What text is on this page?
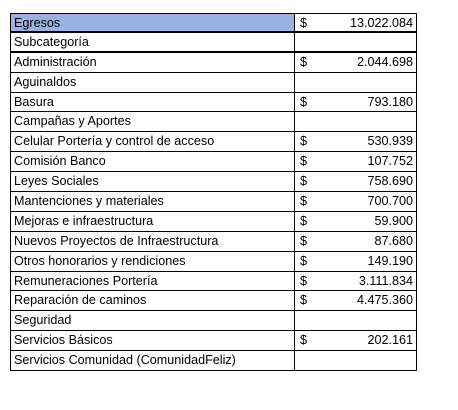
Egresos	$	13.022.084
Subcategoría
Administración	$	2.044.698
Aguinaldos
Basura	$	793.180
Campañas y Aportes
Celular Portería y control de acceso	$	530.939
Comisión Banco	$	107.752
Leyes Sociales	$	758.690
Mantenciones y materiales	$	700.700
Mejoras e infraestructura	$	59.900
Nuevos Proyectos de Infraestructura	$	87.680
Otros honorarios y rendiciones	$	149.190
Remuneraciones Portería	$	3.111.834
Reparación de caminos	$	4.475.360
Seguridad
Servicios Básicos	$	202.161
Servicios Comunidad (ComunidadFeliz)
